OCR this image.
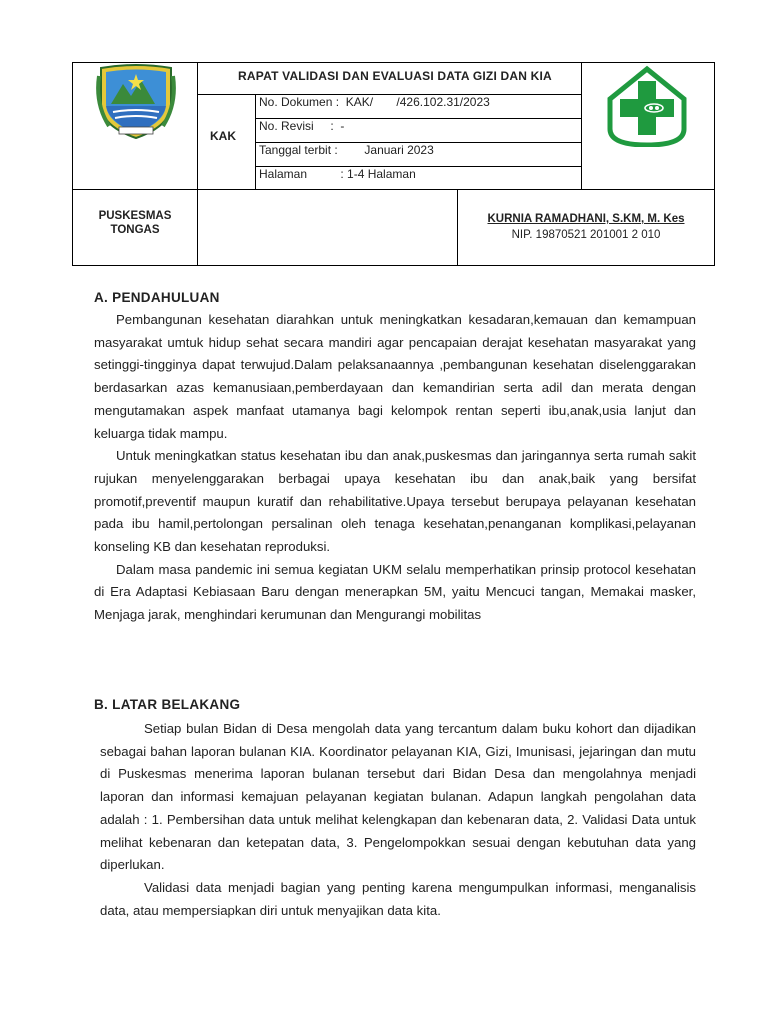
RAPAT VALIDASI DAN EVALUASI DATA GIZI DAN KIA
KAK
No. Dokumen :  KAK/       /426.102.31/2023
No. Revisi :  -
Tanggal terbit :        Januari 2023
Halaman	: 1-4 Halaman
PUSKESMAS
TONGAS
KURNIA RAMADHANI, S.KM, M. Kes
NIP. 19870521 201001 2 010
A. PENDAHULUAN

Pembangunan kesehatan diarahkan untuk meningkatkan kesadaran,kemauan dan kemampuan masyarakat umtuk hidup sehat secara mandiri agar pencapaian derajat kesehatan masyarakat yang setinggi-tingginya dapat terwujud.Dalam pelaksanaannya ,pembangunan kesehatan diselenggarakan berdasarkan azas kemanusiaan,pemberdayaan dan kemandirian serta adil dan merata dengan mengutamakan aspek manfaat utamanya bagi kelompok rentan seperti ibu,anak,usia lanjut dan keluarga tidak mampu.

Untuk meningkatkan status kesehatan ibu dan anak,puskesmas dan jaringannya serta rumah sakit rujukan menyelenggarakan berbagai upaya kesehatan ibu dan anak,baik yang bersifat promotif,preventif maupun kuratif dan rehabilitative.Upaya tersebut berupaya pelayanan kesehatan pada ibu hamil,pertolongan persalinan oleh tenaga kesehatan,penanganan komplikasi,pelayanan konseling KB dan kesehatan reproduksi.

Dalam masa pandemic ini semua kegiatan UKM selalu memperhatikan prinsip protocol kesehatan di Era Adaptasi Kebiasaan Baru dengan menerapkan 5M, yaitu Mencuci tangan, Memakai masker, Menjaga jarak, menghindari kerumunan dan Mengurangi mobilitas

B. LATAR BELAKANG

Setiap bulan Bidan di Desa mengolah data yang tercantum dalam buku kohort dan dijadikan sebagai bahan laporan bulanan KIA. Koordinator pelayanan KIA, Gizi, Imunisasi, jejaringan dan mutu di Puskesmas menerima laporan bulanan tersebut dari Bidan Desa dan mengolahnya menjadi laporan dan informasi kemajuan pelayanan kegiatan bulanan. Adapun langkah pengolahan data adalah : 1. Pembersihan data untuk melihat kelengkapan dan kebenaran data, 2. Validasi Data untuk melihat kebenaran dan ketepatan data, 3. Pengelompokkan sesuai dengan kebutuhan data yang diperlukan.

Validasi data menjadi bagian yang penting karena mengumpulkan informasi, menganalisis data, atau mempersiapkan diri untuk menyajikan data kita.
